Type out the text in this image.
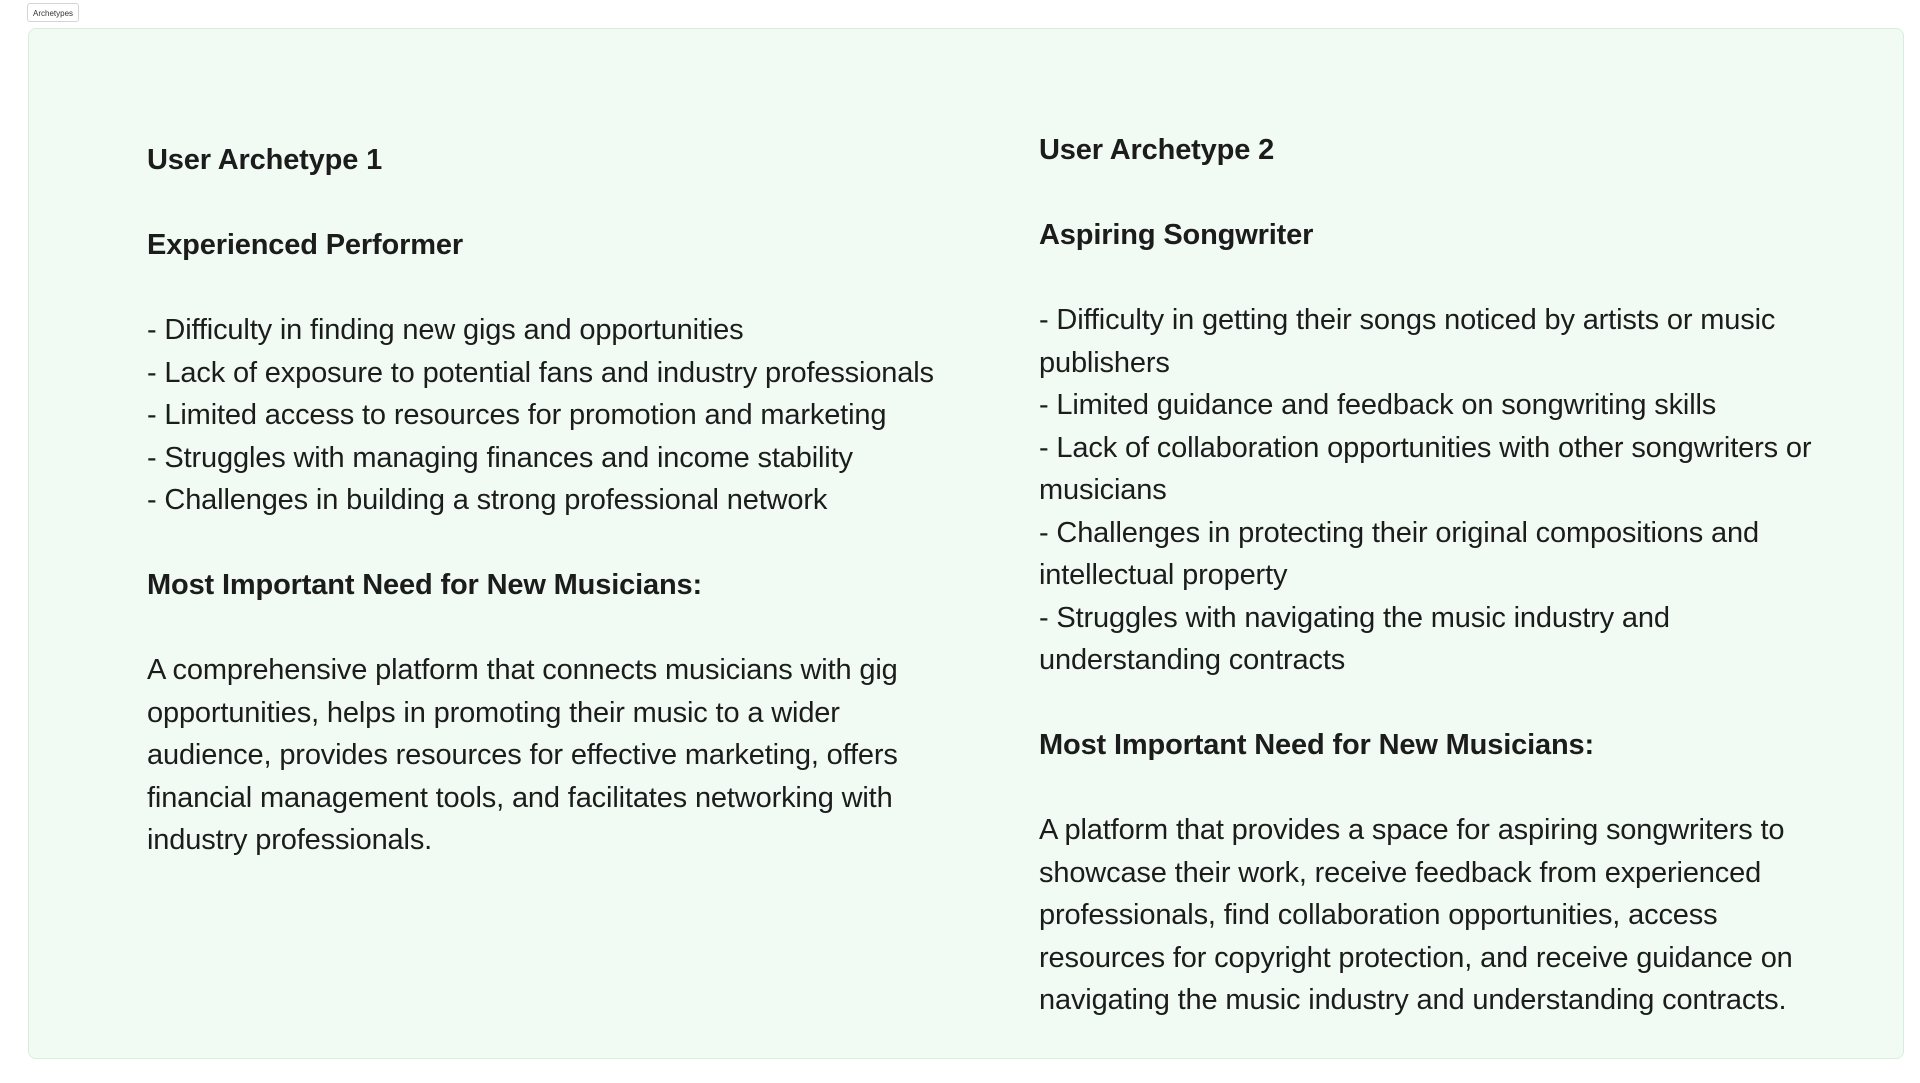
Archetypes

User Archetype 1

Experienced Performer

- Difficulty in finding new gigs and opportunities
- Lack of exposure to potential fans and industry professionals
- Limited access to resources for promotion and marketing
- Struggles with managing finances and income stability
- Challenges in building a strong professional network

Most Important Need for New Musicians:

A comprehensive platform that connects musicians with gig opportunities, helps in promoting their music to a wider audience, provides resources for effective marketing, offers financial management tools, and facilitates networking with industry professionals.

User Archetype 2

Aspiring Songwriter

- Difficulty in getting their songs noticed by artists or music publishers
- Limited guidance and feedback on songwriting skills
- Lack of collaboration opportunities with other songwriters or musicians
- Challenges in protecting their original compositions and intellectual property
- Struggles with navigating the music industry and understanding contracts

Most Important Need for New Musicians:

A platform that provides a space for aspiring songwriters to showcase their work, receive feedback from experienced professionals, find collaboration opportunities, access resources for copyright protection, and receive guidance on navigating the music industry and understanding contracts.
